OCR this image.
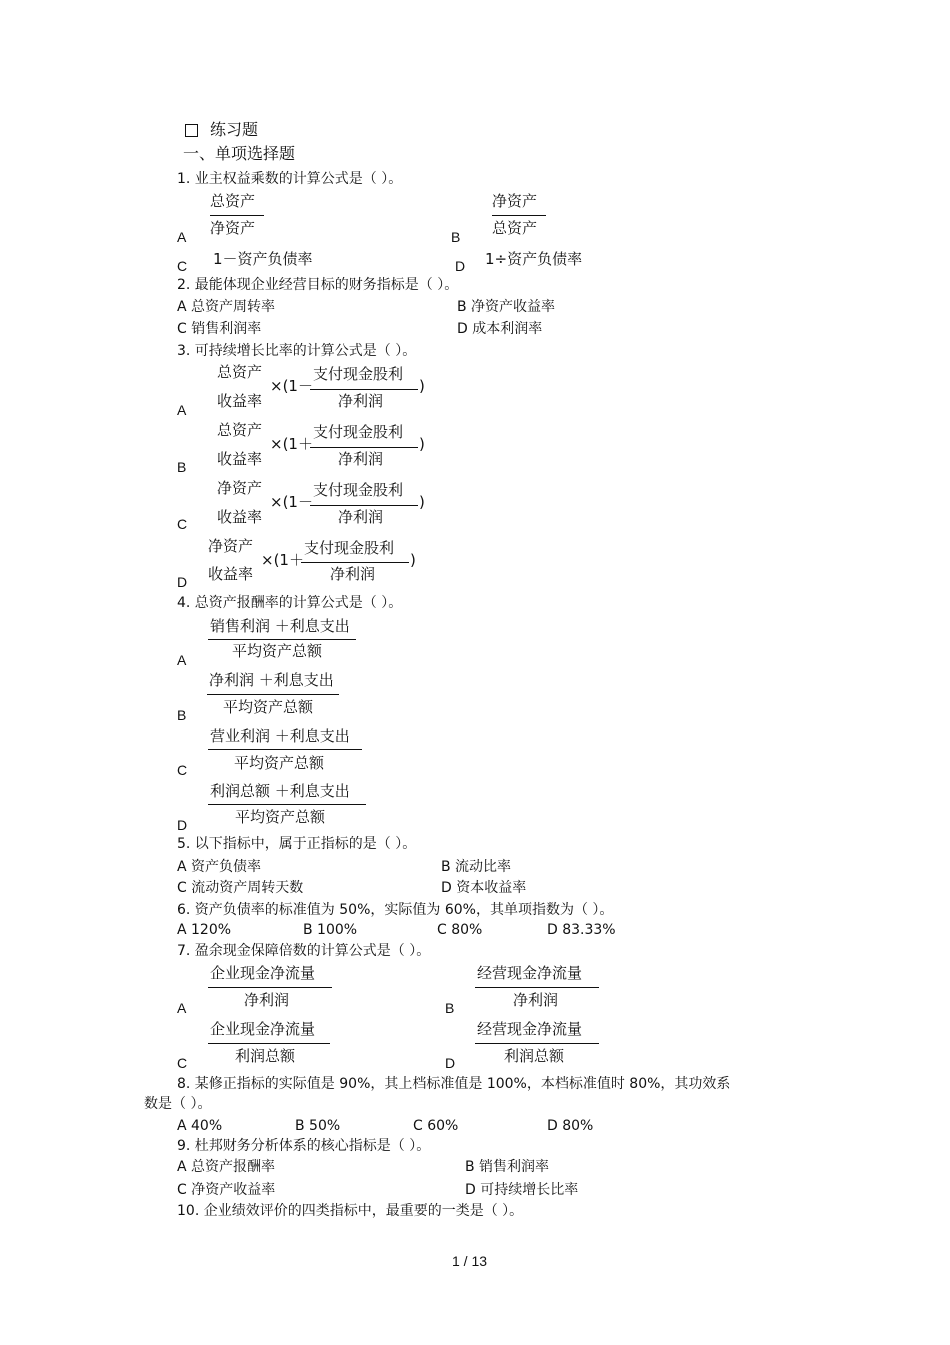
练习题
一、单项选择题
1. 业主权益乘数的计算公式是（ ）。
总资产
净资产
A
净资产
总资产
B
C 1－资产负债率	D 1÷资产负债率
2. 最能体现企业经营目标的财务指标是（ ）。
A 总资产周转率	B 净资产收益率
C 销售利润率	D 成本利润率
3. 可持续增长比率的计算公式是（ ）。
A
总资产
收益率
×(1－
支付现金股利
净利润
)
B
总资产
收益率
×(1＋
支付现金股利
净利润
)
C
净资产
收益率
×(1－
支付现金股利
净利润
)
D
净资产
收益率
×(1＋
支付现金股利
净利润
)
4. 总资产报酬率的计算公式是（ ）。
A
销售利润 ＋利息支出
平均资产总额
B
净利润 ＋利息支出
平均资产总额
C
营业利润 ＋利息支出
平均资产总额
D
利润总额 ＋利息支出
平均资产总额
5. 以下指标中，属于正指标的是（ ）。
A 资产负债率	B 流动比率
C 流动资产周转天数	D 资本收益率
6. 资产负债率的标准值为 50%，实际值为 60%，其单项指数为（ ）。
A 120%	B 100%	C 80%	D 83.33%
7. 盈余现金保障倍数的计算公式是（ ）。
企业现金净流量
净利润
A
经营现金净流量
净利润
B
企业现金净流量
利润总额
C
经营现金净流量
利润总额
D
8. 某修正指标的实际值是 90%，其上档标准值是 100%，本档标准值时 80%，其功效系
数是（ ）。
A 40%	B 50%	C 60%	D 80%
9. 杜邦财务分析体系的核心指标是（ ）。
A 总资产报酬率	B 销售利润率
C 净资产收益率	D 可持续增长比率
10. 企业绩效评价的四类指标中，最重要的一类是（ ）。
1 / 13
